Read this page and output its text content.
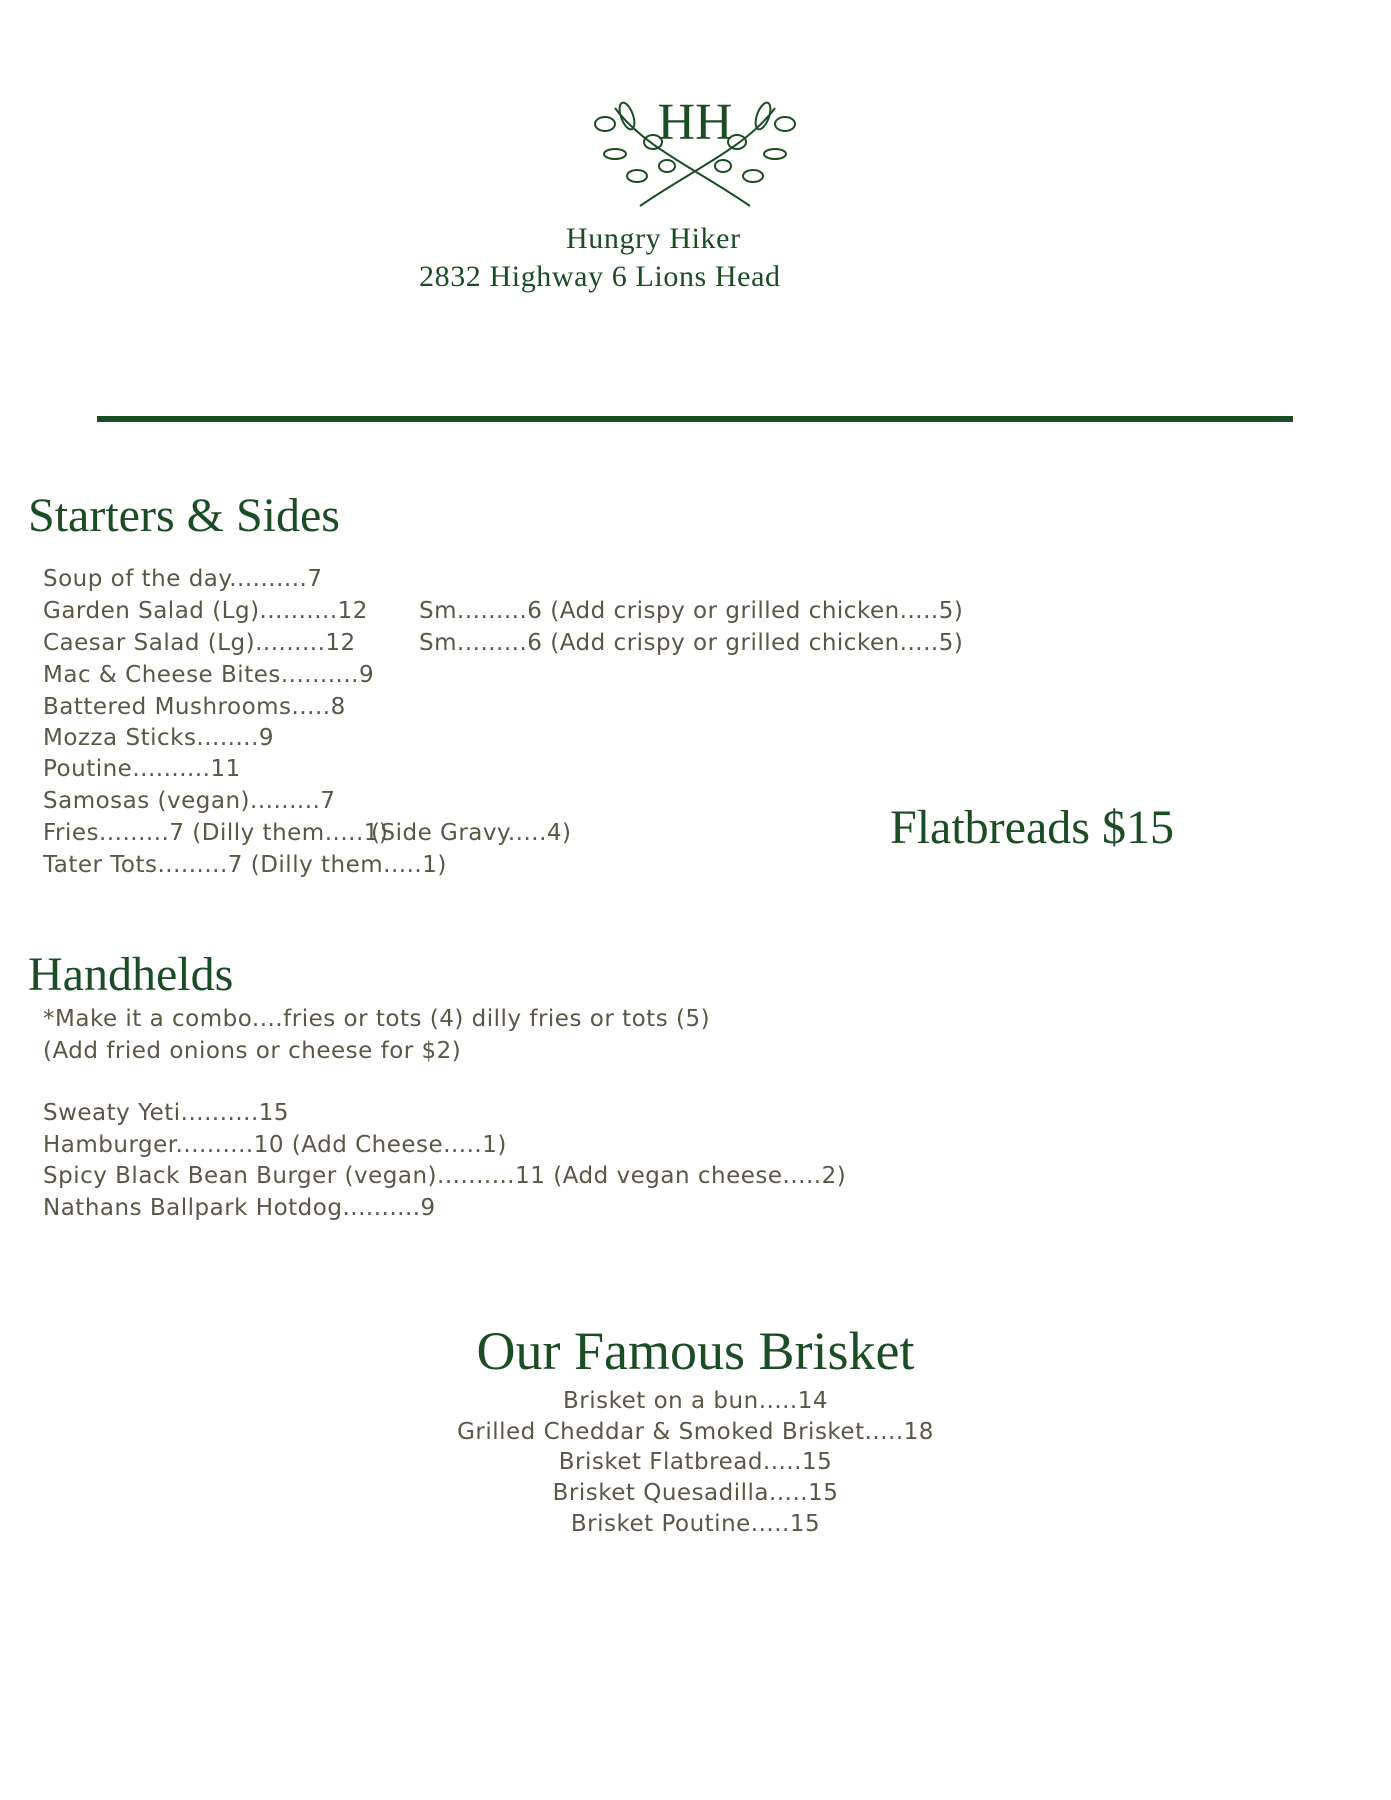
HH
Hungry Hiker
2832 Highway 6 Lions Head
Starters & Sides
Soup of the day..........7
Garden Salad (Lg)..........12
Caesar Salad (Lg).........12
Mac & Cheese Bites..........9
Battered Mushrooms.....8
Mozza Sticks........9
Poutine..........11
Samosas (vegan).........7
Fries.........7 (Dilly them.....1)
Tater Tots.........7 (Dilly them.....1)
Sm.........6 (Add crispy or grilled chicken.....5)
Sm.........6 (Add crispy or grilled chicken.....5)
(Side Gravy.....4)	Flatbreads $15
Handhelds
*Make it a combo....fries or tots (4) dilly fries or tots (5)
(Add fried onions or cheese for $2)
Sweaty Yeti..........15
Hamburger..........10 (Add Cheese.....1)
Spicy Black Bean Burger (vegan)..........11 (Add vegan cheese.....2)
Nathans Ballpark Hotdog..........9
Our Famous Brisket
Brisket on a bun.....14
Grilled Cheddar & Smoked Brisket.....18
Brisket Flatbread.....15
Brisket Quesadilla.....15
Brisket Poutine.....15
